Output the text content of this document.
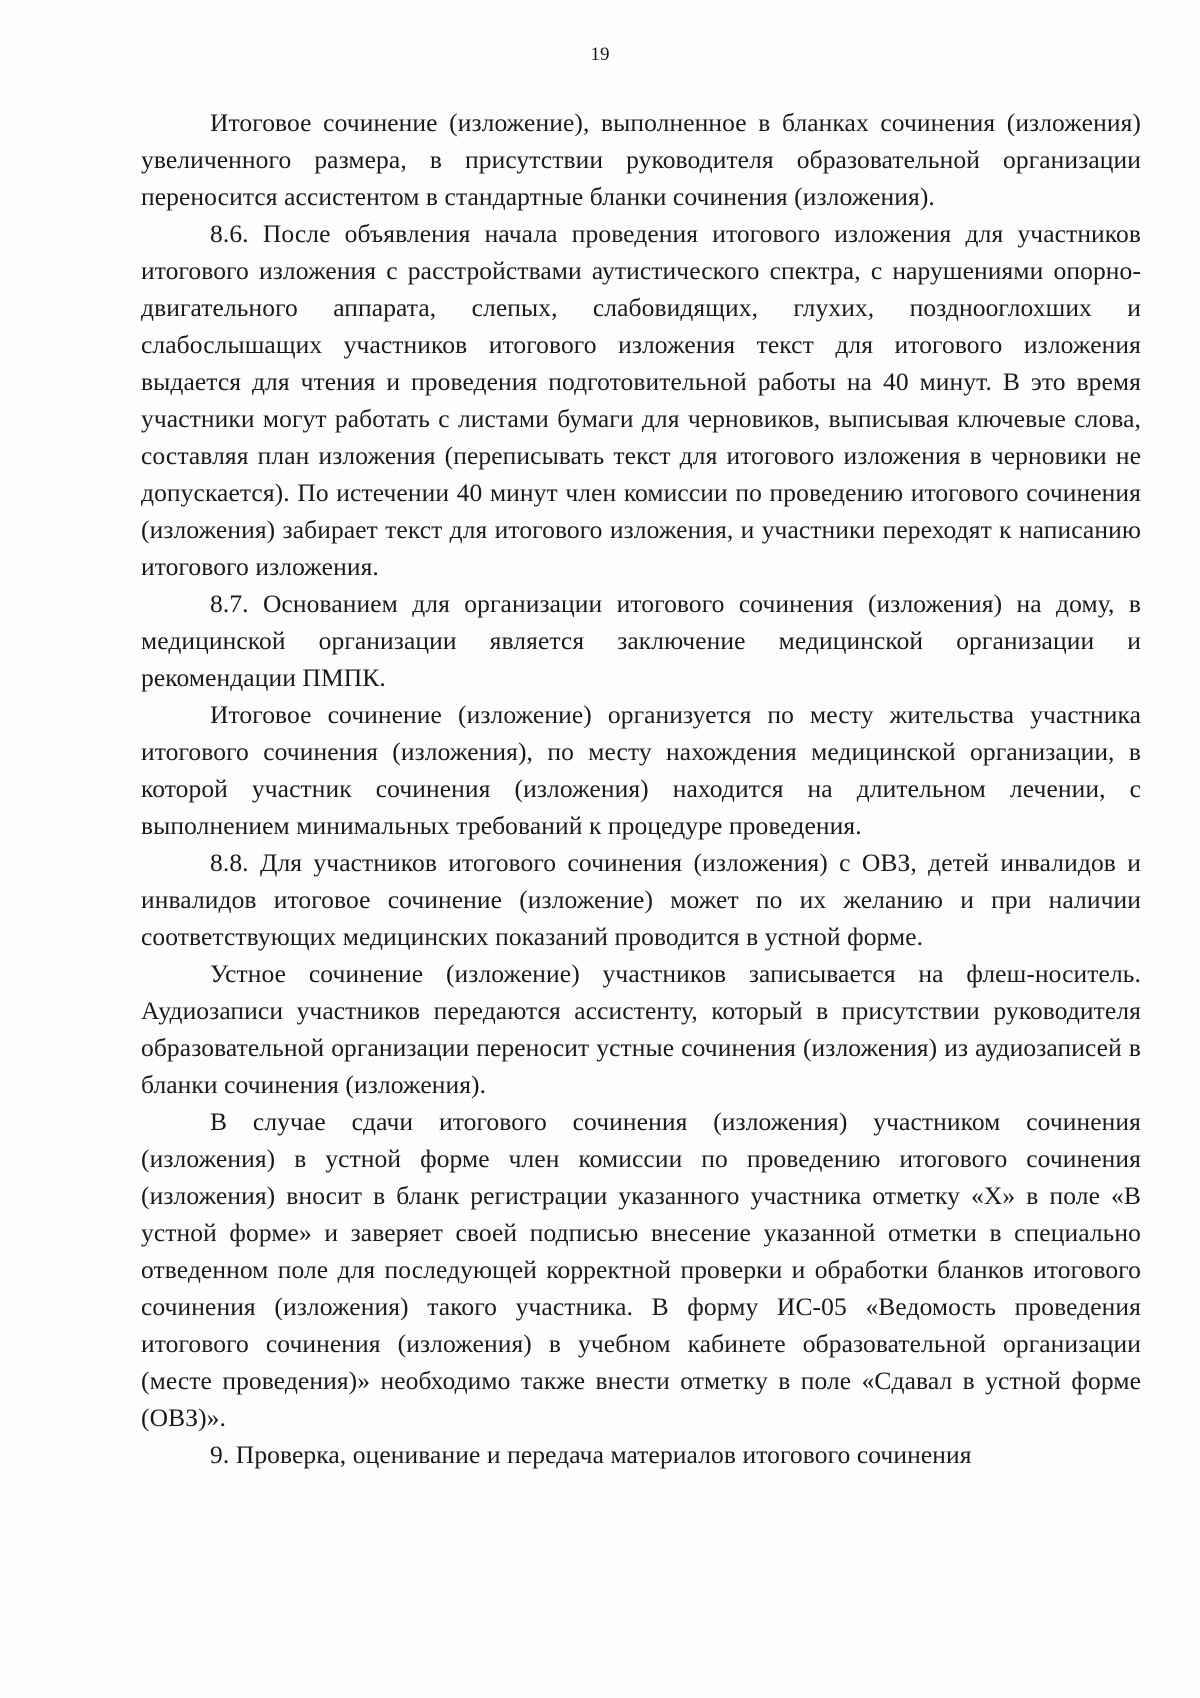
19

Итоговое сочинение (изложение), выполненное в бланках сочинения (изложения) увеличенного размера, в присутствии руководителя образовательной организации переносится ассистентом в стандартные бланки сочинения (изложения).

8.6. После объявления начала проведения итогового изложения для участников итогового изложения с расстройствами аутистического спектра, с нарушениями опорно-двигательного аппарата, слепых, слабовидящих, глухих, позднооглохших и слабослышащих участников итогового изложения текст для итогового изложения выдается для чтения и проведения подготовительной работы на 40 минут. В это время участники могут работать с листами бумаги для черновиков, выписывая ключевые слова, составляя план изложения (переписывать текст для итогового изложения в черновики не допускается). По истечении 40 минут член комиссии по проведению итогового сочинения (изложения) забирает текст для итогового изложения, и участники переходят к написанию итогового изложения.

8.7. Основанием для организации итогового сочинения (изложения) на дому, в медицинской организации является заключение медицинской организации и рекомендации ПМПК.

Итоговое сочинение (изложение) организуется по месту жительства участника итогового сочинения (изложения), по месту нахождения медицинской организации, в которой участник сочинения (изложения) находится на длительном лечении, с выполнением минимальных требований к процедуре проведения.

8.8. Для участников итогового сочинения (изложения) с ОВЗ, детей инвалидов и инвалидов итоговое сочинение (изложение) может по их желанию и при наличии соответствующих медицинских показаний проводится в устной форме.

Устное сочинение (изложение) участников записывается на флеш-носитель. Аудиозаписи участников передаются ассистенту, который в присутствии руководителя образовательной организации переносит устные сочинения (изложения) из аудиозаписей в бланки сочинения (изложения).

В случае сдачи итогового сочинения (изложения) участником сочинения (изложения) в устной форме член комиссии по проведению итогового сочинения (изложения) вносит в бланк регистрации указанного участника отметку «Х» в поле «В устной форме» и заверяет своей подписью внесение указанной отметки в специально отведенном поле для последующей корректной проверки и обработки бланков итогового сочинения (изложения) такого участника. В форму ИС-05 «Ведомость проведения итогового сочинения (изложения) в учебном кабинете образовательной организации (месте проведения)» необходимо также внести отметку в поле «Сдавал в устной форме (ОВЗ)».

9. Проверка, оценивание и передача материалов итогового сочинения
